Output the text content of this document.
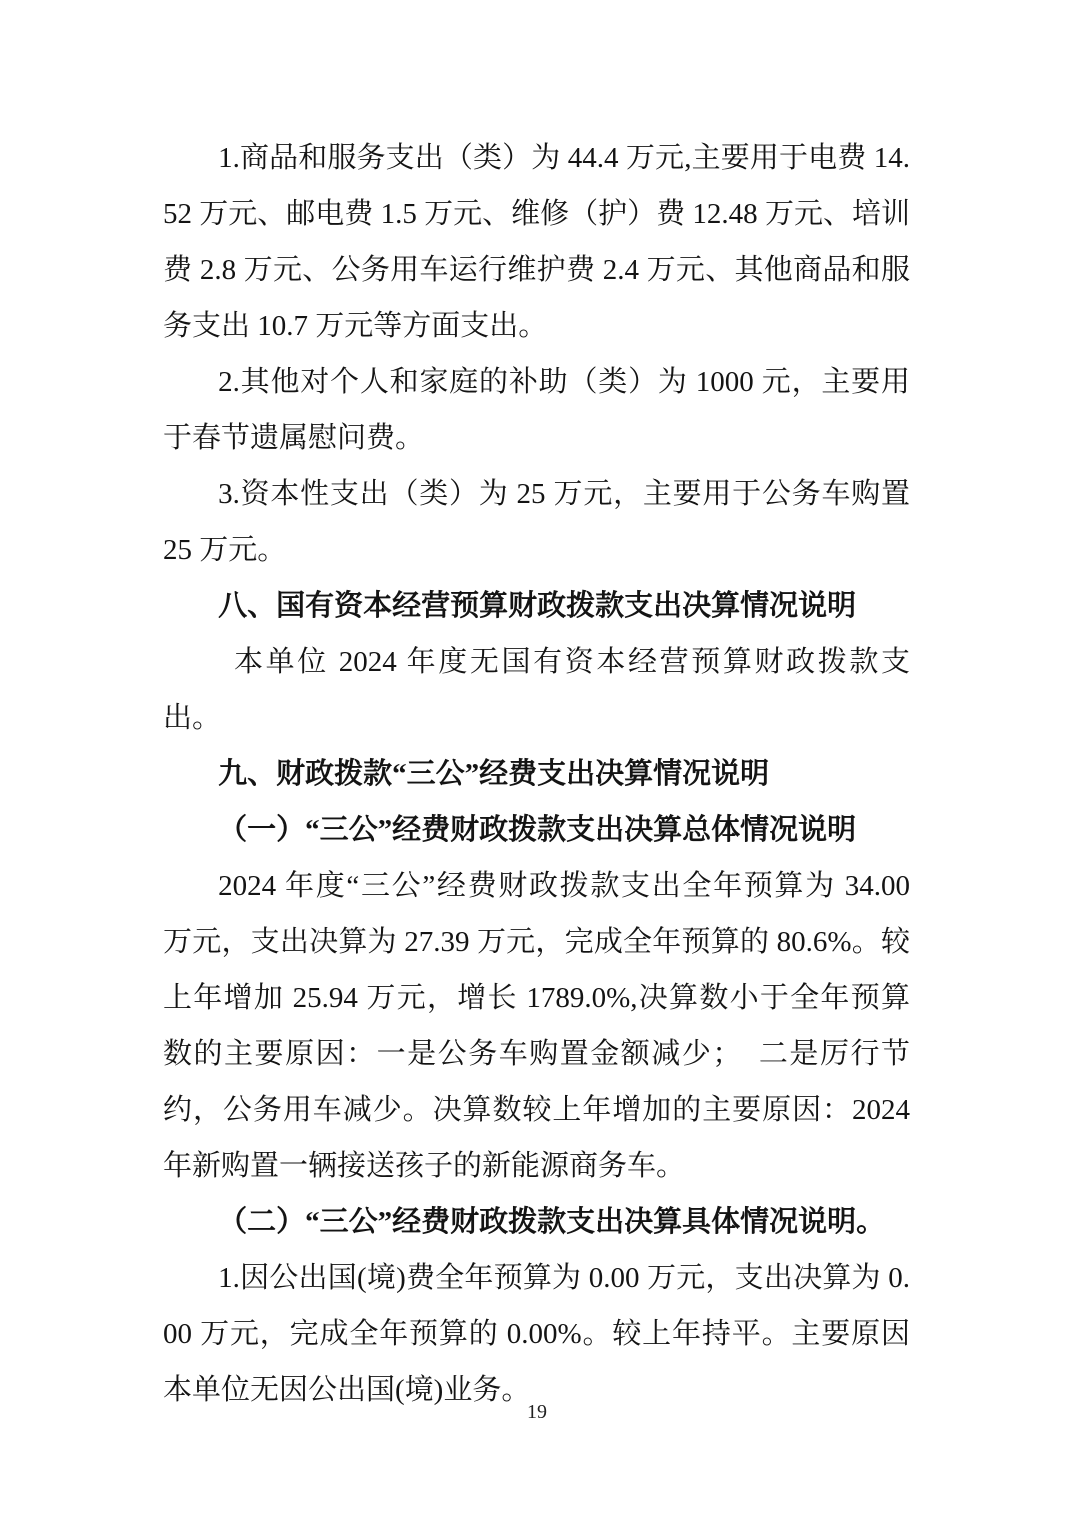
1.商品和服务支出（类）为 44.4 万元,主要用于电费 14.52 万元、邮电费 1.5 万元、维修（护）费 12.48 万元、培训费 2.8 万元、公务用车运行维护费 2.4 万元、其他商品和服务支出 10.7 万元等方面支出。

2.其他对个人和家庭的补助（类）为 1000 元，主要用于春节遗属慰问费。

3.资本性支出（类）为 25 万元，主要用于公务车购置 25 万元。

八、国有资本经营预算财政拨款支出决算情况说明

本单位 2024 年度无国有资本经营预算财政拨款支出。

九、财政拨款“三公”经费支出决算情况说明
（一）“三公”经费财政拨款支出决算总体情况说明

2024 年度“三公”经费财政拨款支出全年预算为 34.00 万元，支出决算为 27.39 万元，完成全年预算的 80.6%。较上年增加 25.94 万元，增长 1789.0%,决算数小于全年预算数的主要原因：一是公务车购置金额减少；  二是厉行节约，公务用车减少。决算数较上年增加的主要原因：2024 年新购置一辆接送孩子的新能源商务车。

（二）“三公”经费财政拨款支出决算具体情况说明。

1.因公出国(境)费全年预算为 0.00 万元，支出决算为 0.00 万元，完成全年预算的 0.00%。较上年持平。主要原因本单位无因公出国(境)业务。

19
